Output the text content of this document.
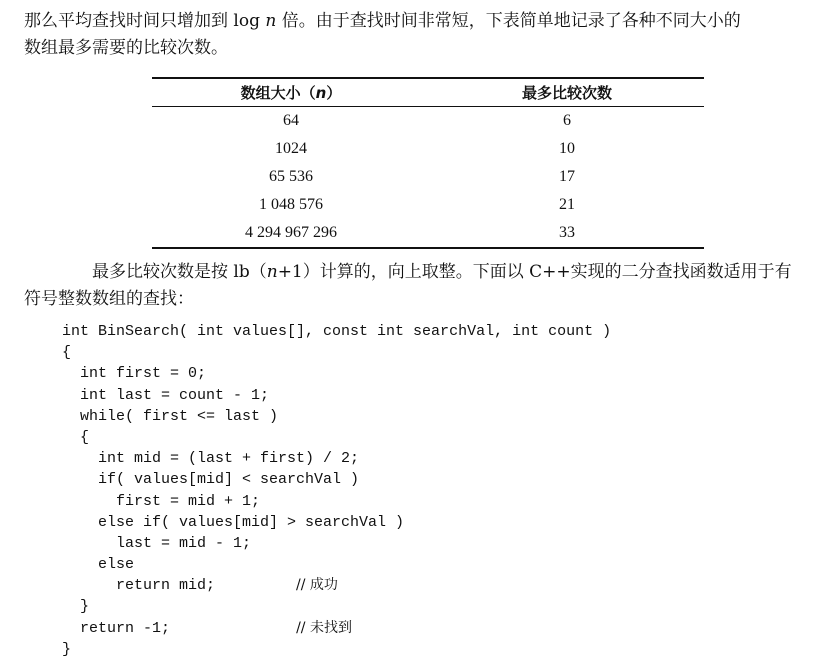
那么平均查找时间只增加到 log n 倍。由于查找时间非常短，下表简单地记录了各种不同大小的
数组最多需要的比较次数。

数组大小（n）	最多比较次数
64	6
1024	10
65 536	17
1 048 576	21
4 294 967 296	33

最多比较次数是按 lb（n+1）计算的，向上取整。下面以 C++实现的二分查找函数适用于有
符号整数数组的查找：

int BinSearch( int values[], const int searchVal, int count )
{
int first = 0;
int last = count - 1;
while( first <= last )
{
int mid = (last + first) / 2;
if( values[mid] < searchVal )
first = mid + 1;
else if( values[mid] > searchVal )
last = mid - 1;
else
return mid;	// 成功
}
return -1;	// 未找到
}
